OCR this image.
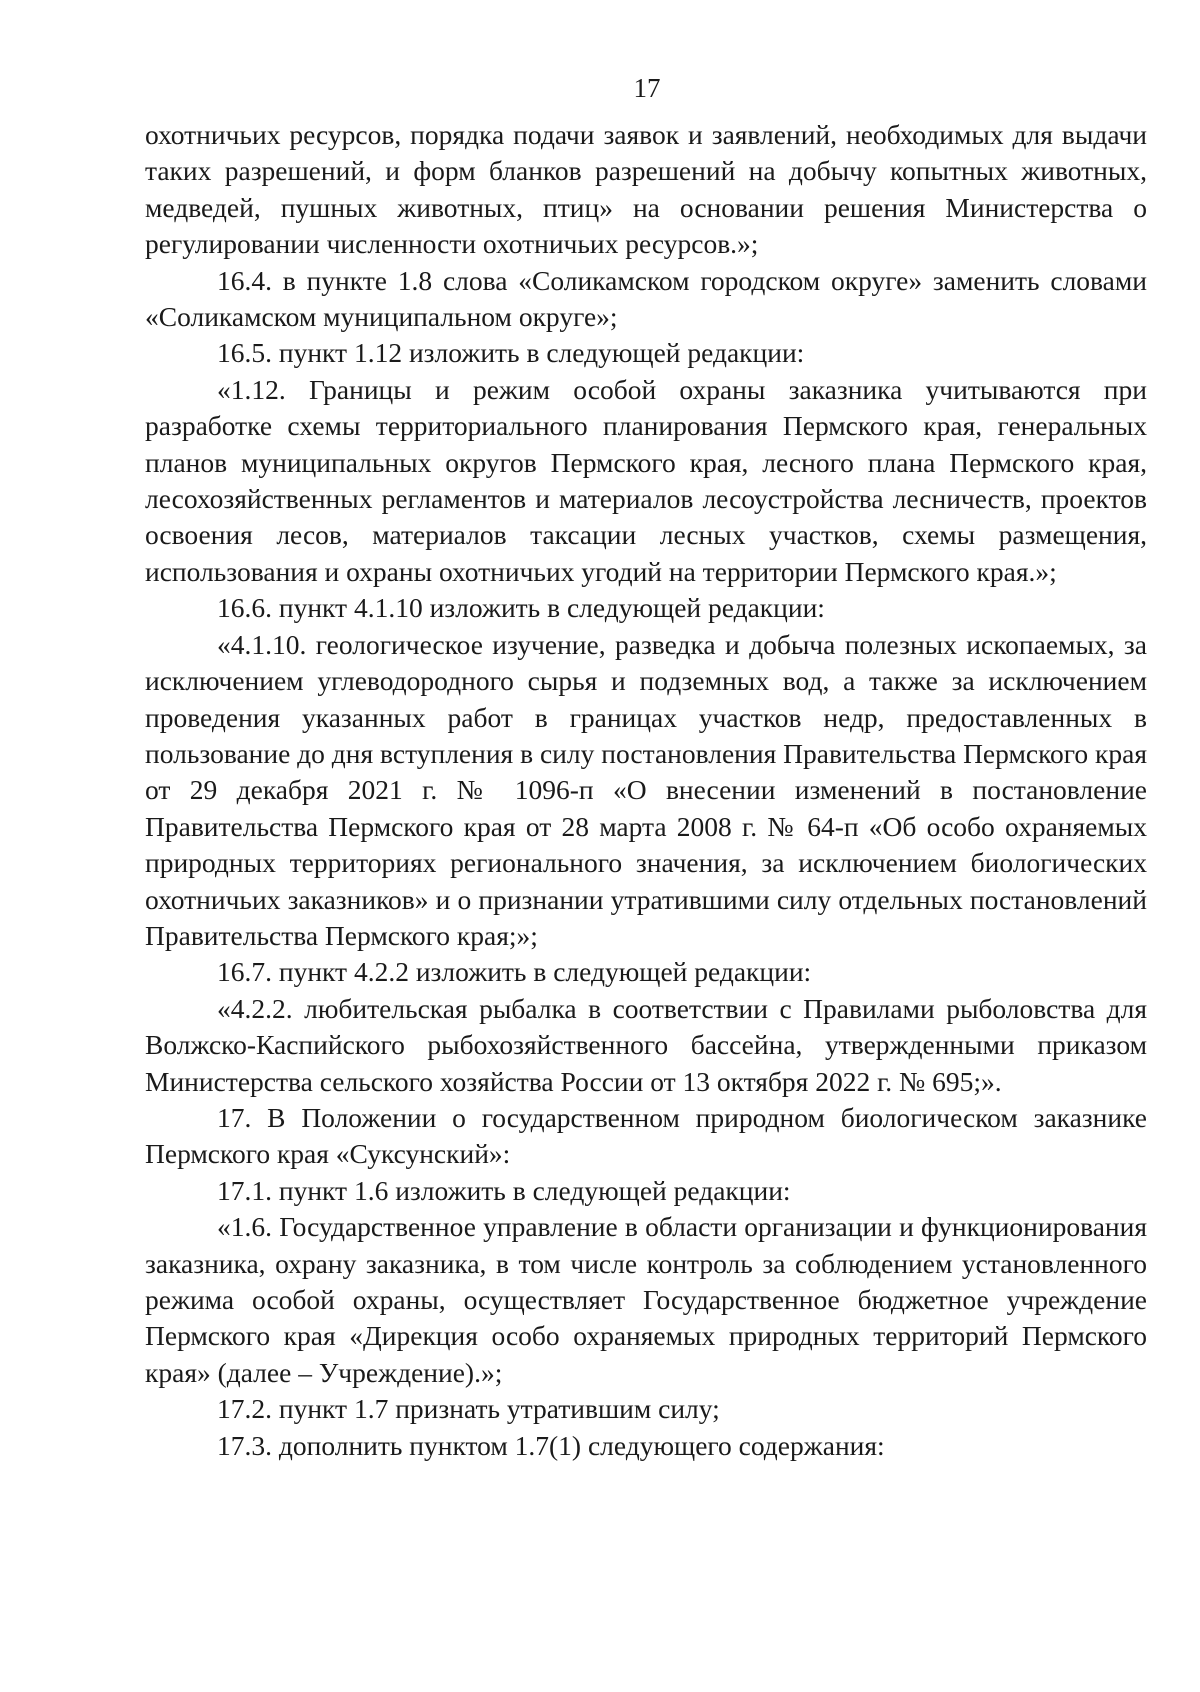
17

охотничьих ресурсов, порядка подачи заявок и заявлений, необходимых для выдачи таких разрешений, и форм бланков разрешений на добычу копытных животных, медведей, пушных животных, птиц» на основании решения Министерства о регулировании численности охотничьих ресурсов.»;

16.4. в пункте 1.8 слова «Соликамском городском округе» заменить словами «Соликамском муниципальном округе»;

16.5. пункт 1.12 изложить в следующей редакции:

«1.12. Границы и режим особой охраны заказника учитываются при разработке схемы территориального планирования Пермского края, генеральных планов муниципальных округов Пермского края, лесного плана Пермского края, лесохозяйственных регламентов и материалов лесоустройства лесничеств, проектов освоения лесов, материалов таксации лесных участков, схемы размещения, использования и охраны охотничьих угодий на территории Пермского края.»;

16.6. пункт 4.1.10 изложить в следующей редакции:

«4.1.10. геологическое изучение, разведка и добыча полезных ископаемых, за исключением углеводородного сырья и подземных вод, а также за исключением проведения указанных работ в границах участков недр, предоставленных в пользование до дня вступления в силу постановления Правительства Пермского края от 29 декабря 2021 г. № 1096-п «О внесении изменений в постановление Правительства Пермского края от 28 марта 2008 г. № 64-п «Об особо охраняемых природных территориях регионального значения, за исключением биологических охотничьих заказников» и о признании утратившими силу отдельных постановлений Правительства Пермского края;»;

16.7. пункт 4.2.2 изложить в следующей редакции:

«4.2.2. любительская рыбалка в соответствии с Правилами рыболовства для Волжско-Каспийского рыбохозяйственного бассейна, утвержденными приказом Министерства сельского хозяйства России от 13 октября 2022 г. № 695;».

17. В Положении о государственном природном биологическом заказнике Пермского края «Суксунский»:

17.1. пункт 1.6 изложить в следующей редакции:

«1.6. Государственное управление в области организации и функционирования заказника, охрану заказника, в том числе контроль за соблюдением установленного режима особой охраны, осуществляет Государственное бюджетное учреждение Пермского края «Дирекция особо охраняемых природных территорий Пермского края» (далее – Учреждение).»;

17.2. пункт 1.7 признать утратившим силу;

17.3. дополнить пунктом 1.7(1) следующего содержания:
